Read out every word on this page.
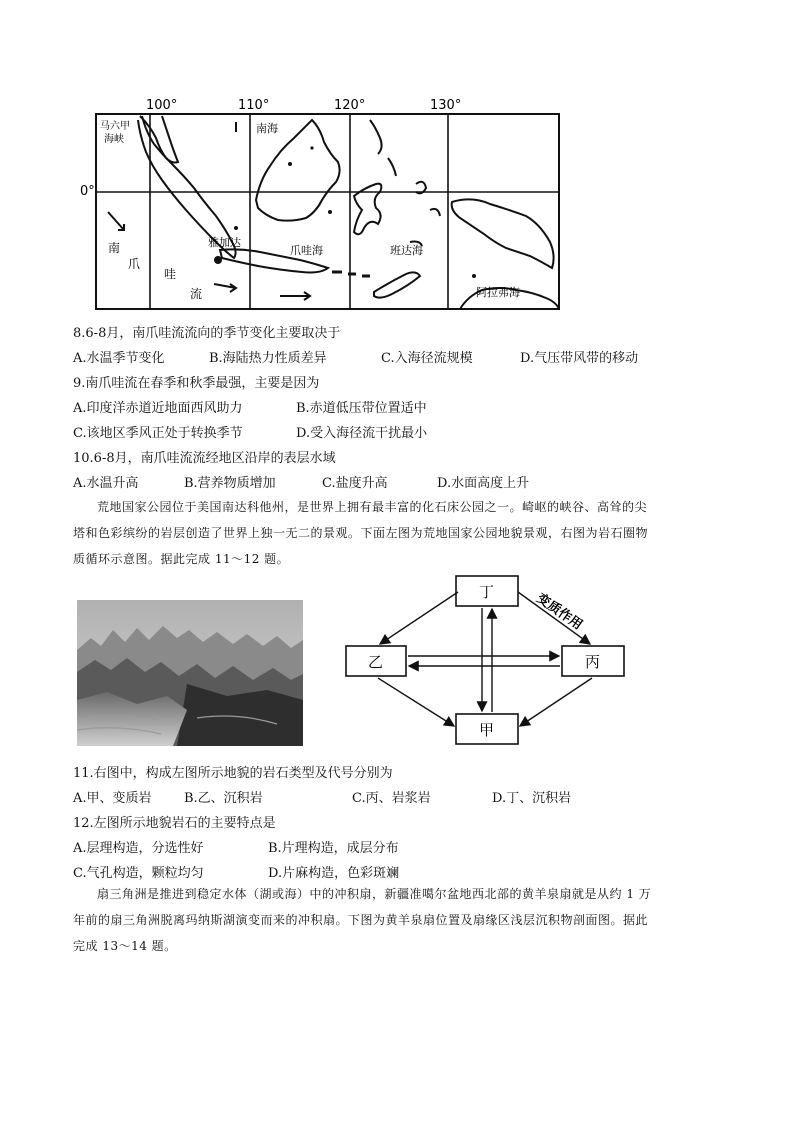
100°	110°	120°	130°
0°
马六甲
海峡
南海
雅加达
爪哇海	班达海
阿拉弗海
南
爪
哇
流
8.6-8月，南爪哇流流向的季节变化主要取决于
A.水温季节变化	B.海陆热力性质差异	C.入海径流规模	D.气压带风带的移动
9.南爪哇流在春季和秋季最强，主要是因为
A.印度洋赤道近地面西风助力	B.赤道低压带位置适中
C.该地区季风正处于转换季节	D.受入海径流干扰最小
10.6-8月，南爪哇流流经地区沿岸的表层水域
A.水温升高	B.营养物质增加	C.盐度升高	D.水面高度上升
荒地国家公园位于美国南达科他州，是世界上拥有最丰富的化石床公园之一。崎岖的峡谷、高耸的尖
塔和色彩缤纷的岩层创造了世界上独一无二的景观。下面左图为荒地国家公园地貌景观，右图为岩石圈物
质循环示意图。据此完成 11～12 题。
丁
乙	丙
甲
变质作用
11.右图中，构成左图所示地貌的岩石类型及代号分别为
A.甲、变质岩 B.乙、沉积岩	C.丙、岩浆岩	D.丁、沉积岩
12.左图所示地貌岩石的主要特点是
A.层理构造，分选性好	B.片理构造，成层分布
C.气孔构造，颗粒均匀	D.片麻构造，色彩斑斓
扇三角洲是推进到稳定水体（湖或海）中的冲积扇，新疆准噶尔盆地西北部的黄羊泉扇就是从约 1 万
年前的扇三角洲脱离玛纳斯湖演变而来的冲积扇。下图为黄羊泉扇位置及扇缘区浅层沉积物剖面图。据此
完成 13～14 题。
